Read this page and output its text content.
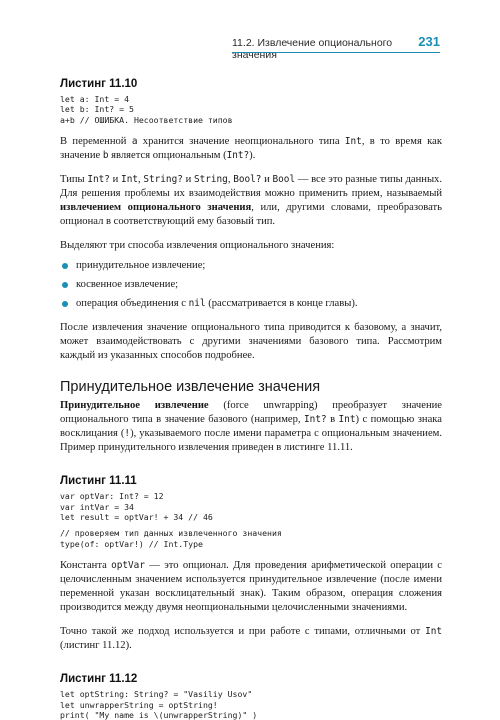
11.2. Извлечение опционального значения
231
Листинг 11.10
let a: Int = 4
let b: Int? = 5
a+b // ОШИБКА. Несоответствие типов

В переменной a хранится значение неопционального типа Int, в то время как значение b является опциональным (Int?).

Типы Int? и Int, String? и String, Bool? и Bool — все это разные типы данных. Для решения проблемы их взаимодействия можно применить прием, называемый извлечением опционального значения, или, другими словами, преобразовать опционал в соответствующий ему базовый тип.

Выделяют три способа извлечения опционального значения:

принудительное извлечение;
косвенное извлечение;
операция объединения с nil (рассматривается в конце главы).

После извлечения значение опционального типа приводится к базовому, а значит, может взаимодействовать с другими значениями базового типа. Рассмотрим каждый из указанных способов подробнее.

Принудительное извлечение значения

Принудительное извлечение (force unwrapping) преобразует значение опционального типа в значение базового (например, Int? в Int) с помощью знака восклицания (!), указываемого после имени параметра с опциональным значением. Пример принудительного извлечения приведен в листинге 11.11.

Листинг 11.11
var optVar: Int? = 12
var intVar = 34
let result = optVar! + 34 // 46
// проверяем тип данных извлеченного значения
type(of: optVar!) // Int.Type

Константа optVar — это опционал. Для проведения арифметической операции с целочисленным значением используется принудительное извлечение (после имени переменной указан восклицательный знак). Таким образом, операция сложения производится между двумя неопциональными целочисленными значениями.

Точно такой же подход используется и при работе с типами, отличными от Int (листинг 11.12).

Листинг 11.12
let optString: String? = "Vasiliy Usov"
let unwrapperString = optString!
print( "My name is \(unwrapperString)" )
